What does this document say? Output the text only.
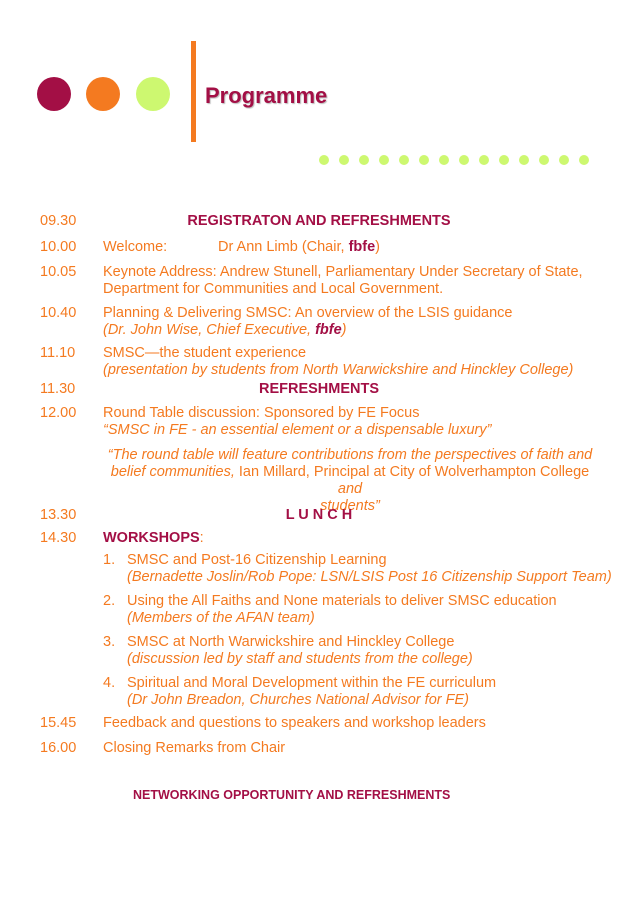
Programme
09.30	REGISTRATON AND REFRESHMENTS
10.00 Welcome:	Dr Ann Limb (Chair, fbfe)
10.05 Keynote Address: Andrew Stunell, Parliamentary Under Secretary of State,
Department for Communities and Local Government.
10.40 Planning & Delivering SMSC: An overview of the LSIS guidance
(Dr. John Wise, Chief Executive, fbfe)
11.10 SMSC—the student experience
(presentation by students from North Warwickshire and Hinckley College)
11.30	REFRESHMENTS
12.00 Round Table discussion: Sponsored by FE Focus
“SMSC in FE - an essential element or a dispensable luxury”
“The round table will feature contributions from the perspectives of faith and
belief communities, Ian Millard, Principal at City of Wolverhampton College and
students”
13.30	L U N C H
14.30 WORKSHOPS:
1. SMSC and Post-16 Citizenship Learning
(Bernadette Joslin/Rob Pope: LSN/LSIS Post 16 Citizenship Support Team)
2. Using the All Faiths and None materials to deliver SMSC education
(Members of the AFAN team)
3. SMSC at North Warwickshire and Hinckley College
(discussion led by staff and students from the college)
4. Spiritual and Moral Development within the FE curriculum
(Dr John Breadon, Churches National Advisor for FE)
15.45 Feedback and questions to speakers and workshop leaders
16.00 Closing Remarks from Chair
NETWORKING OPPORTUNITY AND REFRESHMENTS
